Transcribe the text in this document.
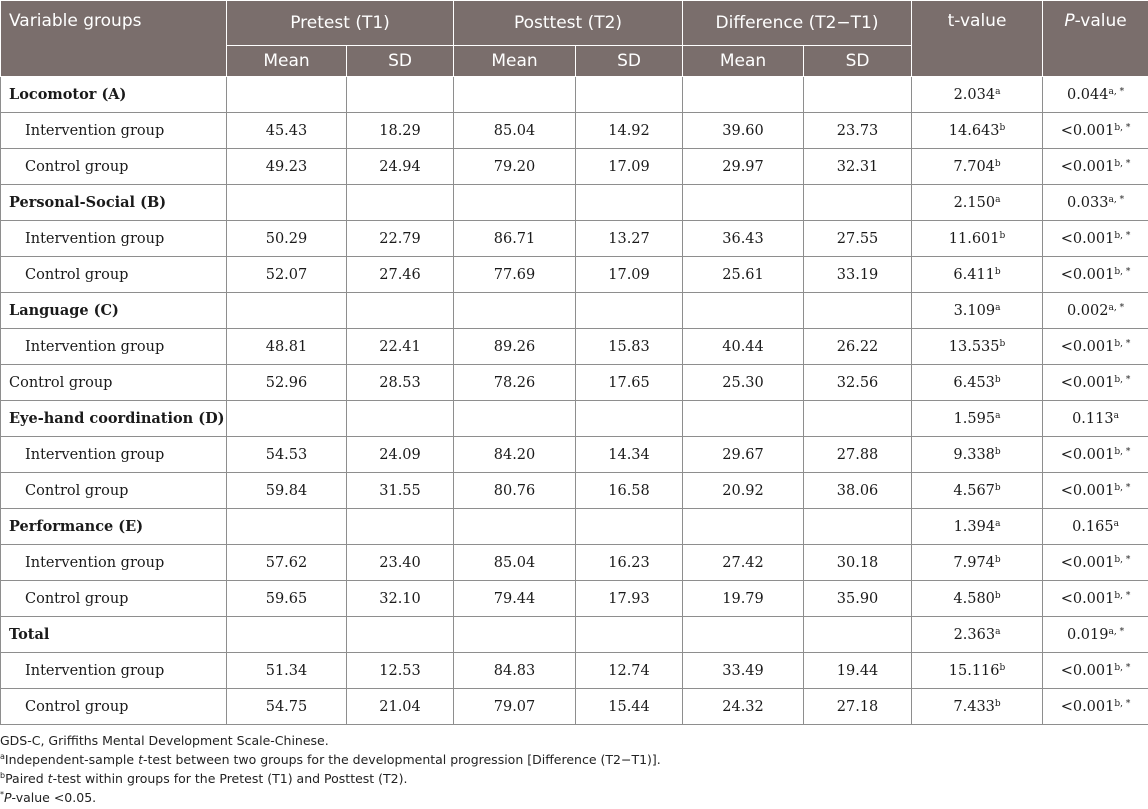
Variable groups	Pretest (T1)		Posttest (T2)		Difference (T2−T1)		t-value	P-value
	Mean	SD	Mean	SD	Mean	SD		
Locomotor (A)							2.034$^a$	$0.044^{a, *}$
Intervention group	45.43	18.29	85.04	14.92	39.60	23.73	14.643$^b$	$<0.001^{b, *}$
Control group	49.23	24.94	79.20	17.09	29.97	32.31	7.704$^b$	$<0.001^{b, *}$
Personal-Social (B)							2.150$^a$	$0.033^{a, *}$
Intervention group	50.29	22.79	86.71	13.27	36.43	27.55	11.601$^b$	$<0.001^{b, *}$
Control group	52.07	27.46	77.69	17.09	25.61	33.19	6.411$^b$	$<0.001^{b, *}$
Language (C)							3.109$^a$	$0.002^{a, *}$
Intervention group	48.81	22.41	89.26	15.83	40.44	26.22	13.535$^b$	$<0.001^{b, *}$
Control group	52.96	28.53	78.26	17.65	25.30	32.56	6.453$^b$	$<0.001^{b, *}$
Eye-hand coordination (D)							1.595$^a$	0.113$^a$
Intervention group	54.53	24.09	84.20	14.34	29.67	27.88	9.338$^b$	$<0.001^{b, *}$
Control group	59.84	31.55	80.76	16.58	20.92	38.06	4.567$^b$	$<0.001^{b, *}$
Performance (E)							1.394$^a$	0.165$^a$
Intervention group	57.62	23.40	85.04	16.23	27.42	30.18	7.974$^b$	$<0.001^{b, *}$
Control group	59.65	32.10	79.44	17.93	19.79	35.90	4.580$^b$	$<0.001^{b, *}$
Total							2.363$^a$	$0.019^{a, *}$
Intervention group	51.34	12.53	84.83	12.74	33.49	19.44	15.116$^b$	$<0.001^{b, *}$
Control group	54.75	21.04	79.07	15.44	24.32	27.18	7.433$^b$	$<0.001^{b, *}$
GDS-C, Griffiths Mental Development Scale-Chinese.
$^a$Independent-sample t-test between two groups for the developmental progression [Difference (T2−T1)].
$^b$Paired t-test within groups for the Pretest (T1) and Posttest (T2).
*P-value <0.05.
